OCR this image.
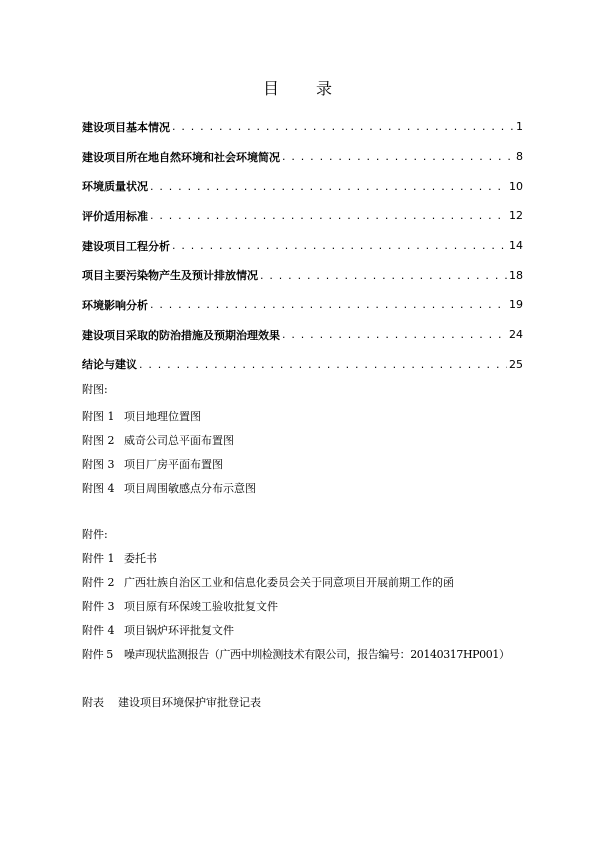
目 录
建设项目基本情况 . . .	1
建设项目所在地自然环境和社会环境简况 . . .	8
环境质量状况 . . .	10
评价适用标准 . . .	12
建设项目工程分析 . . .	14
项目主要污染物产生及预计排放情况 . . .	18
环境影响分析 . . .	19
建设项目采取的防治措施及预期治理效果 . . .	24
结论与建议 . . .	25
附图:
附图 1 项目地理位置图
附图 2 威奇公司总平面布置图
附图 3 项目厂房平面布置图
附图 4 项目周围敏感点分布示意图
附件:
附件 1 委托书
附件 2 广西壮族自治区工业和信息化委员会关于同意项目开展前期工作的函
附件 3 项目原有环保竣工验收批复文件
附件 4 项目锅炉环评批复文件
附件 5 噪声现状监测报告（广西中圳检测技术有限公司，报告编号：20140317HP001）
附表 建设项目环境保护审批登记表
